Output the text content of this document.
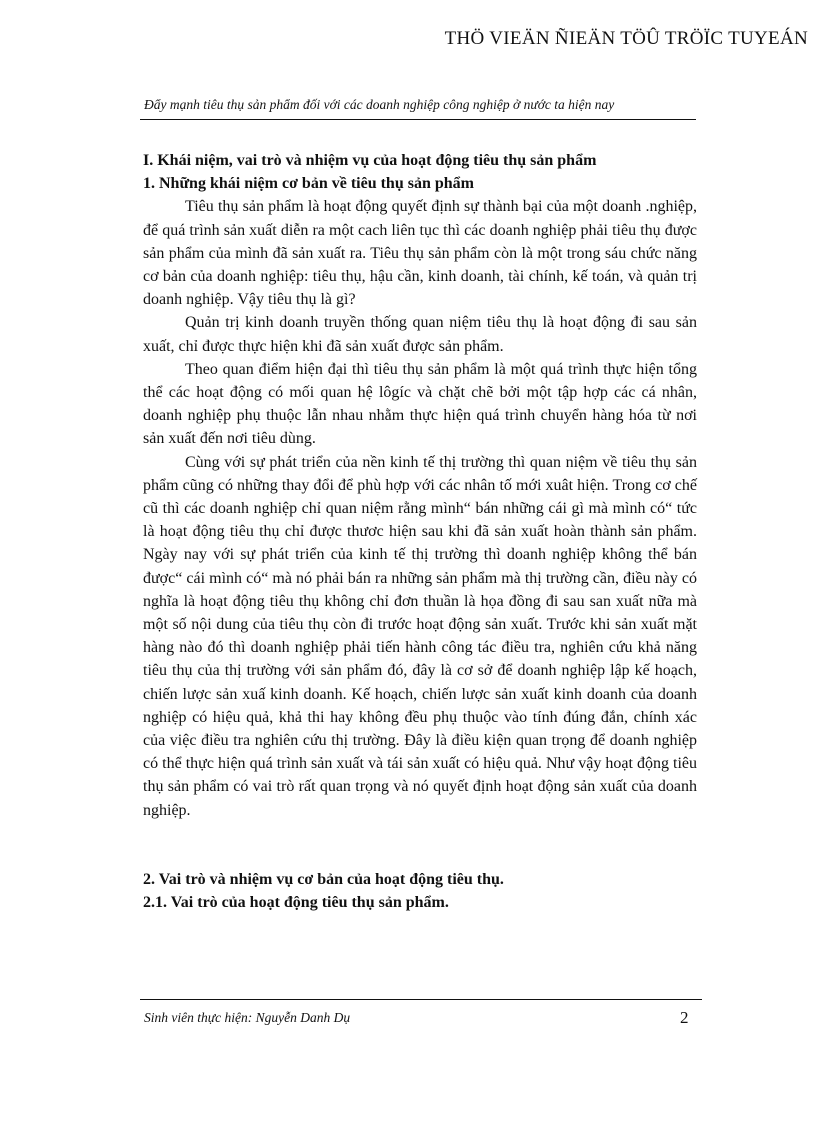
THÖ VIEÄN ÑIEÄN TÖÛ TRÖÏC TUYEÁN
Đẩy mạnh tiêu thụ sản phẩm đối với các doanh nghiệp công nghiệp ở nước ta hiện nay

I. Khái niệm, vai trò và nhiệm vụ của hoạt động tiêu thụ sản phẩm

1. Những khái niệm cơ bản về tiêu thụ sản phẩm

Tiêu thụ sản phẩm là hoạt động quyết định sự thành bại của một doanh .nghiệp, để quá trình sản xuất diễn ra một cach liên tục thì các doanh nghiệp phải tiêu thụ được sản phẩm của mình đã sản xuất ra. Tiêu thụ sản phẩm còn là một trong sáu chức năng cơ bản của doanh nghiệp: tiêu thụ, hậu cần, kinh doanh, tài chính, kế toán, và quản trị doanh nghiệp. Vậy tiêu thụ là gì?

Quản trị kinh doanh truyền thống quan niệm tiêu thụ là hoạt động đi sau sản xuất, chỉ được thực hiện khi đã sản xuất được sản phẩm.

Theo quan điểm hiện đại thì tiêu thụ sản phẩm là một quá trình thực hiện tổng thể các hoạt động có mối quan hệ lôgíc và chặt chẽ bởi một tập hợp các cá nhân, doanh nghiệp phụ thuộc lẫn nhau nhằm thực hiện quá trình chuyển hàng hóa từ nơi sản xuất đến nơi tiêu dùng.

Cùng với sự phát triển của nền kinh tế thị trường thì quan niệm về tiêu thụ sản phẩm cũng có những thay đổi để phù hợp với các nhân tố mới xuât hiện. Trong cơ chế cũ thì các doanh nghiệp chỉ quan niệm rằng mình“ bán những cái gì mà mình có“ tức là hoạt động tiêu thụ chỉ được thươc hiện sau khi đã sản xuất hoàn thành sản phẩm. Ngày nay với sự phát triển của kinh tế thị trường thì doanh nghiệp không thể bán được“ cái mình có“ mà nó phải bán ra những sản phẩm mà thị trường cần, điều này có nghĩa là hoạt động tiêu thụ không chỉ đơn thuần là họa đồng đi sau san xuất nữa mà một số nội dung của tiêu thụ còn đi trước hoạt động sản xuất. Trước khi sản xuất mặt hàng nào đó thì doanh nghiệp phải tiến hành công tác điều tra, nghiên cứu khả năng tiêu thụ của thị trường với sản phẩm đó, đây là cơ sở để doanh nghiệp lập kế hoạch, chiến lược sản xuấ kinh doanh. Kế hoạch, chiến lược sản xuất kinh doanh của doanh nghiệp có hiệu quả, khả thi hay không đều phụ thuộc vào tính đúng đắn, chính xác của việc điều tra nghiên cứu thị trường. Đây là điều kiện quan trọng để doanh nghiệp có thể thực hiện quá trình sản xuất và tái sản xuất có hiệu quả. Như vậy hoạt động tiêu thụ sản phẩm có vai trò rất quan trọng và nó quyết định hoạt động sản xuất của doanh nghiệp.

2. Vai trò và nhiệm vụ cơ bản của hoạt động tiêu thụ.

2.1. Vai trò của hoạt động tiêu thụ sản phẩm.

Sinh viên thực hiện: Nguyễn Danh Dụ	2
